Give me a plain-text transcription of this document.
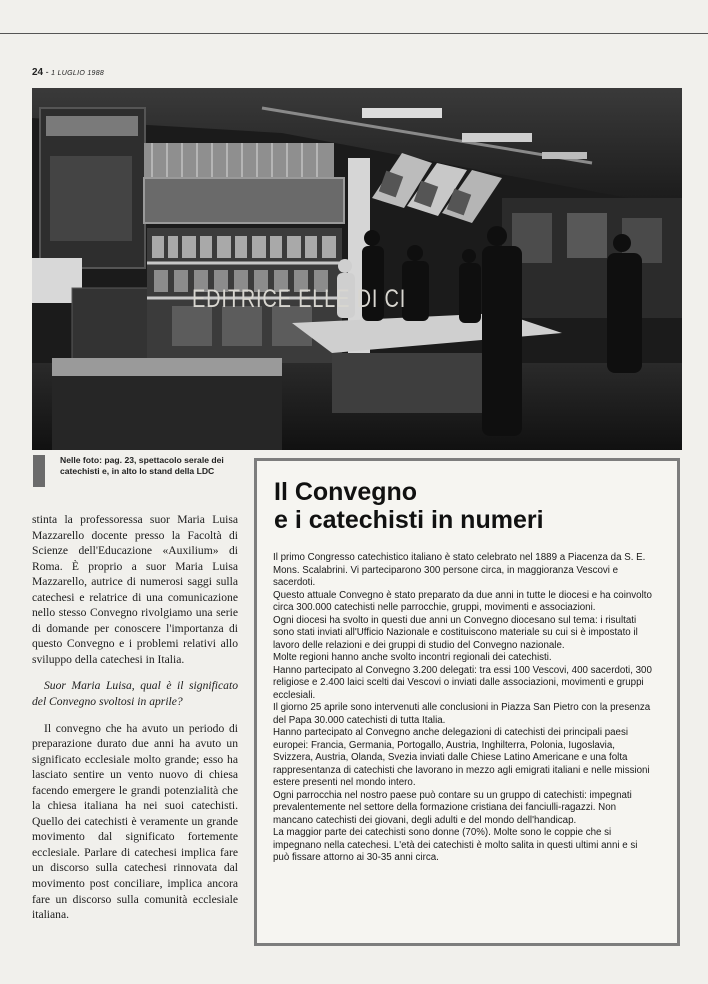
24 - 1 LUGLIO 1988
EDITRICE ELLE DI CI
Nelle foto: pag. 23, spettacolo serale dei catechisti e, in alto lo stand della LDC

stinta la professoressa suor Maria Luisa Mazzarello docente presso la Facoltà di Scienze dell'Educazione «Auxilium» di Roma. È proprio a suor Maria Luisa Mazzarello, autrice di numerosi saggi sulla catechesi e relatrice di una comunicazione nello stesso Convegno rivolgiamo una serie di domande per conoscere l'importanza di questo Convegno e i problemi relativi allo sviluppo della catechesi in Italia.

Suor Maria Luisa, qual è il significato del Convegno svoltosi in aprile?

Il convegno che ha avuto un periodo di preparazione durato due anni ha avuto un significato ecclesiale molto grande; esso ha lasciato sentire un vento nuovo di chiesa facendo emergere le grandi potenzialità che la chiesa italiana ha nei suoi catechisti. Quello dei catechisti è veramente un grande movimento dal significato fortemente ecclesiale. Parlare di catechesi implica fare un discorso sulla catechesi rinnovata dal movimento post conciliare, implica ancora fare un discorso sulla comunità ecclesiale italiana.

Il Convegno
e i catechisti in numeri

Il primo Congresso catechistico italiano è stato celebrato nel 1889 a Piacenza da S. E. Mons. Scalabrini. Vi parteciparono 300 persone circa, in maggioranza Vescovi e sacerdoti.

Questo attuale Convegno è stato preparato da due anni in tutte le diocesi e ha coinvolto circa 300.000 catechisti nelle parrocchie, gruppi, movimenti e associazioni.

Ogni diocesi ha svolto in questi due anni un Convegno diocesano sul tema: i risultati sono stati inviati all'Ufficio Nazionale e costituiscono materiale su cui si è impostato il lavoro delle relazioni e dei gruppi di studio del Convegno nazionale.

Molte regioni hanno anche svolto incontri regionali dei catechisti.

Hanno partecipato al Convegno 3.200 delegati: tra essi 100 Vescovi, 400 sacerdoti, 300 religiose e 2.400 laici scelti dai Vescovi o inviati dalle associazioni, movimenti e gruppi ecclesiali.

Il giorno 25 aprile sono intervenuti alle conclusioni in Piazza San Pietro con la presenza del Papa 30.000 catechisti di tutta Italia.

Hanno partecipato al Convegno anche delegazioni di catechisti dei principali paesi europei: Francia, Germania, Portogallo, Austria, Inghilterra, Polonia, Iugoslavia, Svizzera, Austria, Olanda, Svezia inviati dalle Chiese Latino Americane e una folta rappresentanza di catechisti che lavorano in mezzo agli emigrati italiani e nelle missioni estere presenti nel mondo intero.

Ogni parrocchia nel nostro paese può contare su un gruppo di catechisti: impegnati prevalentemente nel settore della formazione cristiana dei fanciulli-ragazzi. Non mancano catechisti dei giovani, degli adulti e del mondo dell'handicap.

La maggior parte dei catechisti sono donne (70%). Molte sono le coppie che si impegnano nella catechesi. L'età dei catechisti è molto salita in questi ultimi anni e si può fissare attorno ai 30-35 anni circa.
